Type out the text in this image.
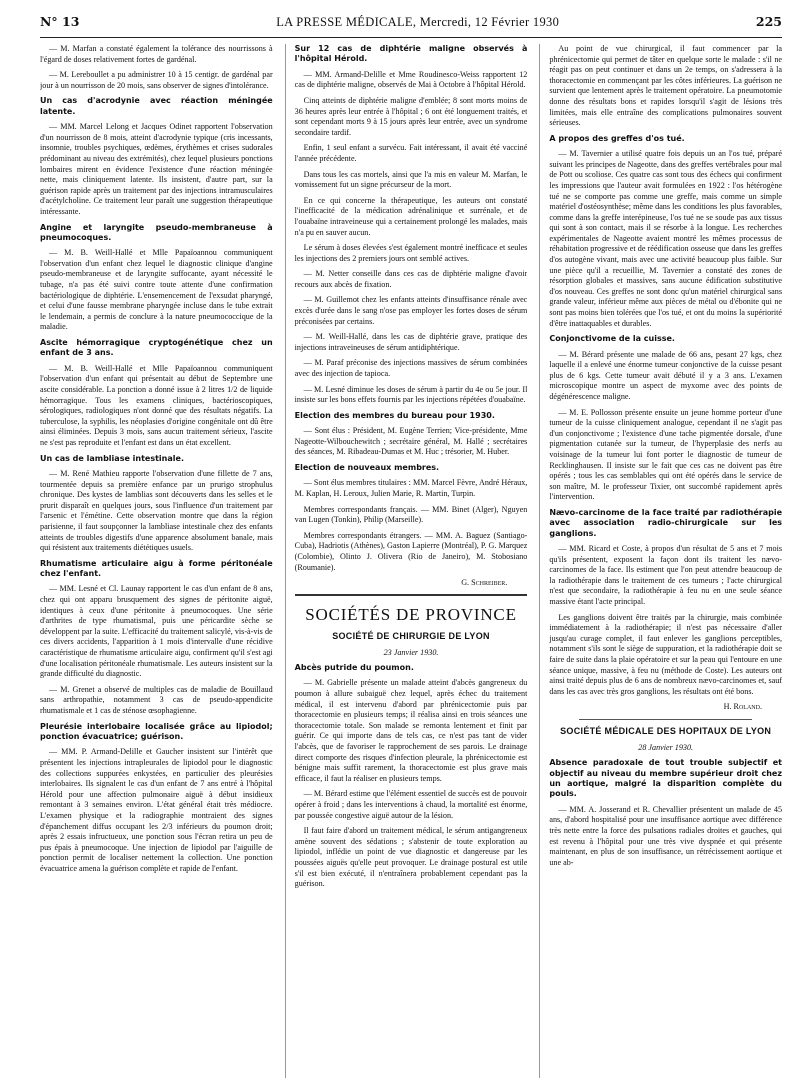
N° 13	LA PRESSE MÉDICALE, Mercredi, 12 Février 1930	225

— M. Marfan a constaté également la tolérance des nourrissons à l'égard de doses relativement fortes de gardénal.

— M. Lereboullet a pu administrer 10 à 15 centigr. de gardénal par jour à un nourrisson de 20 mois, sans observer de signes d'intolérance.

Un cas d'acrodynie avec réaction méningée latente.

— MM. Marcel Lelong et Jacques Odinet rapportent l'observation d'un nourrisson de 8 mois, atteint d'acrodynie typique (cris incessants, insomnie, troubles psychiques, œdèmes, érythèmes et crises sudorales prédominant au niveau des extrémités), chez lequel plusieurs ponctions lombaires mirent en évidence l'existence d'une réaction méningée nette, mais cliniquement latente. Ils insistent, d'autre part, sur la guérison rapide après un traitement par des injections intramusculaires d'acétylcholine. Ce traitement leur paraît une suggestion thérapeutique intéressante.

Angine et laryngite pseudo-membraneuse à pneumocoques.

— M. B. Weill-Hallé et Mlle Papaïoannou communiquent l'observation d'un enfant chez lequel le diagnostic clinique d'angine pseudo-membraneuse et de laryngite suffocante, ayant nécessité le tubage, n'a pas été suivi contre toute attente d'une confirmation bactériologique de diphtérie. L'ensemencement de l'exsudat pharyngé, et celui d'une fausse membrane pharyngée incluse dans le tube extrait le lendemain, a permis de conclure à la nature pneumococcique de la maladie.

Ascite hémorragique cryptogénétique chez un enfant de 3 ans.

— M. B. Weill-Hallé et Mlle Papaïoannou communiquent l'observation d'un enfant qui présentait au début de Septembre une ascite considérable. La ponction a donné issue à 2 litres 1/2 de liquide hémorragique. Tous les examens cliniques, bactérioscopiques, sérologiques, radiologiques n'ont donné que des résultats négatifs. La tuberculose, la syphilis, les néoplasies d'origine congénitale ont dû être ainsi éliminées. Depuis 3 mois, sans aucun traitement sérieux, l'ascite ne s'est pas reproduite et l'enfant est dans un état excellent.

Un cas de lambliase intestinale.

— M. René Mathieu rapporte l'observation d'une fillette de 7 ans, tourmentée depuis sa première enfance par un prurigo strophulus chronique. Des kystes de lamblias sont découverts dans les selles et le prurit disparaît en quelques jours, sous l'influence d'un traitement par l'arsenic et l'émétine. Cette observation montre que dans la région parisienne, il faut soupçonner la lambliase intestinale chez des enfants atteints de troubles digestifs d'une apparence absolument banale, mais qui résistent aux traitements diététiques usuels.

Rhumatisme articulaire aigu à forme péritonéale chez l'enfant.

— MM. Lesné et Cl. Launay rapportent le cas d'un enfant de 8 ans, chez qui ont apparu brusquement des signes de péritonite aiguë, identiques à ceux d'une péritonite à pneumocoques. Une série d'arthrites de type rhumatismal, puis une péricardite sèche se développent par la suite. L'efficacité du traitement salicylé, vis-à-vis de ces divers accidents, l'apparition à 1 mois d'intervalle d'une récidive caractéristique de rhumatisme articulaire aigu, confirment qu'il s'est agi d'une localisation péritonéale rhumatismale. Les auteurs insistent sur la grande difficulté du diagnostic.

— M. Grenet a observé de multiples cas de maladie de Bouillaud sans arthropathie, notamment 3 cas de pseudo-appendicite rhumatismale et 1 cas de sténose œsophagienne.

Pleurésie interlobaire localisée grâce au lipiodol; ponction évacuatrice; guérison.

— MM. P. Armand-Delille et Gaucher insistent sur l'intérêt que présentent les injections intrapleurales de lipiodol pour le diagnostic des collections suppurées enkystées, en particulier des pleurésies interlobaires. Ils signalent le cas d'un enfant de 7 ans entré à l'hôpital Hérold pour une affection pulmonaire aiguë à début insidieux remontant à 3 semaines environ. L'état général était très médiocre. L'examen physique et la radiographie montraient des signes d'épanchement diffus occupant les 2/3 inférieurs du poumon droit; après 2 essais infructueux, une ponction sous l'écran retira un peu de pus épais à pneumocoque. Une injection de lipiodol par l'aiguille de ponction permit de localiser nettement la collection. Une ponction évacuatrice amena la guérison complète et rapide de l'enfant.

Sur 12 cas de diphtérie maligne observés à l'hôpital Hérold.

— MM. Armand-Delille et Mme Roudinesco-Weiss rapportent 12 cas de diphtérie maligne, observés de Mai à Octobre à l'hôpital Hérold.

Cinq atteints de diphtérie maligne d'emblée; 8 sont morts moins de 36 heures après leur entrée à l'hôpital ; 6 ont été longuement traités, et sont cependant morts 9 à 15 jours après leur entrée, avec un syndrome secondaire tardif.

Enfin, 1 seul enfant a survécu. Fait intéressant, il avait été vacciné l'année précédente.

Dans tous les cas mortels, ainsi que l'a mis en valeur M. Marfan, le vomissement fut un signe précurseur de la mort.

En ce qui concerne la thérapeutique, les auteurs ont constaté l'inefficacité de la médication adrénalinique et surrénale, et de l'ouabaïne intraveineuse qui a certainement prolongé les malades, mais n'a pu en sauver aucun.

Le sérum à doses élevées s'est également montré inefficace et seules les injections des 2 premiers jours ont semblé actives.

— M. Netter conseille dans ces cas de diphtérie maligne d'avoir recours aux abcès de fixation.

— M. Guillemot chez les enfants atteints d'insuffisance rénale avec excès d'urée dans le sang n'ose pas employer les fortes doses de sérum préconisées par certains.

— M. Weill-Hallé, dans les cas de diphtérie grave, pratique des injections intraveineuses de sérum antidiphtérique.

— M. Paraf préconise des injections massives de sérum combinées avec des injection de tapioca.

— M. Lesné diminue les doses de sérum à partir du 4e ou 5e jour. Il insiste sur les bons effets fournis par les injections répétées d'ouabaïne.

Election des membres du bureau pour 1930.

— Sont élus : Président, M. Eugène Terrien; Vice-présidente, Mme Nageotte-Wilbouchewitch ; secrétaire général, M. Hallé ; secrétaires des séances, M. Ribadeau-Dumas et M. Huc ; trésorier, M. Huber.

Election de nouveaux membres.

— Sont élus membres titulaires : MM. Marcel Fèvre, André Héraux, M. Kaplan, H. Leroux, Julien Marie, R. Martin, Turpin.

Membres correspondants français. — MM. Binet (Alger), Nguyen van Lugen (Tonkin), Philip (Marseille).

Membres correspondants étrangers. — MM. A. Baguez (Santiago-Cuba), Hadriotis (Athènes), Gaston Lapierre (Montréal), P. G. Marquez (Colombie), Olinto J. Olivera (Rio de Janeiro), M. Stobosiano (Roumanie).

G. Schreiber.

SOCIÉTÉS DE PROVINCE

SOCIÉTÉ DE CHIRURGIE DE LYON

23 Janvier 1930.

Abcès putride du poumon.

— M. Gabrielle présente un malade atteint d'abcès gangreneux du poumon à allure subaiguë chez lequel, après échec du traitement médical, il est intervenu d'abord par phrénicectomie puis par thoracectomie en plusieurs temps; il réalisa ainsi en trois séances une thoracectomie totale. Son malade se remonta lentement et finit par guérir. Ce qui importe dans de tels cas, ce n'est pas tant de vider l'abcès, que de favoriser le rapprochement de ses parois. Le drainage direct comporte des risques d'infection pleurale, la phrénicectomie est bénigne mais suffit rarement, la thoracectomie est plus grave mais efficace, il faut la réaliser en plusieurs temps.

— M. Bérard estime que l'élément essentiel de succès est de pouvoir opérer à froid ; dans les interventions à chaud, la mortalité est énorme, par poussée congestive aiguë autour de la lésion.

Il faut faire d'abord un traitement médical, le sérum antigangreneux amène souvent des sédations ; s'abstenir de toute exploration au lipiodol, inflédie un point de vue diagnostic et dangereuse par les poussées aiguës qu'elle peut provoquer. Le drainage postural est utile s'il est bien exécuté, il n'entraînera probablement cependant pas la guérison.

Au point de vue chirurgical, il faut commencer par la phrénicectomie qui permet de tâter en quelque sorte le malade : s'il ne réagit pas on peut continuer et dans un 2e temps, on s'adressera à la thoracectomie en commençant par les côtes inférieures. La guérison ne survient que lentement après le traitement opératoire. La pneumotomie donne des résultats bons et rapides lorsqu'il s'agit de lésions très limitées, mais elle entraîne des complications pulmonaires souvent sérieuses.

A propos des greffes d'os tué.

— M. Tavernier a utilisé quatre fois depuis un an l'os tué, préparé suivant les principes de Nageotte, dans des greffes vertébrales pour mal de Pott ou scoliose. Ces quatre cas sont tous des échecs qui confirment les impressions que l'auteur avait formulées en 1922 : l'os hétérogène tué ne se comporte pas comme une greffe, mais comme un simple matériel d'ostéosynthèse; même dans les conditions les plus favorables, comme dans la greffe interépineuse, l'os tué ne se soude pas aux tissus qui sont à son contact, mais il se résorbe à la longue. Les recherches expérimentales de Nageotte avaient montré les mêmes processus de réhabitation progressive et de réédification osseuse que dans les greffes d'os autogène vivant, mais avec une activité beaucoup plus faible. Sur une pièce qu'il a recueillie, M. Tavernier a constaté des zones de résorption globales et massives, sans aucune édification substitutive d'os nouveau. Ces greffes ne sont donc qu'un matériel chirurgical sans grande valeur, inférieur même aux pièces de métal ou d'ébonite qui ne sont pas moins bien tolérées que l'os tué, et ont du moins la supériorité d'être inattaquables et durables.

Conjonctivome de la cuisse.

— M. Bérard présente une malade de 66 ans, pesant 27 kgs, chez laquelle il a enlevé une énorme tumeur conjonctive de la cuisse pesant plus de 6 kgs. Cette tumeur avait débuté il y a 3 ans. L'examen microscopique montre un aspect de myxome avec des points de dégénérescence maligne.

— M. E. Pollosson présente ensuite un jeune homme porteur d'une tumeur de la cuisse cliniquement analogue, cependant il ne s'agit pas d'un conjonctivome ; l'existence d'une tache pigmentée dorsale, d'une pigmentation cutanée sur la tumeur, de l'hyperplasie des nerfs au voisinage de la tumeur lui font porter le diagnostic de tumeur de Recklinghausen. Il insiste sur le fait que ces cas ne doivent pas être opérés ; tous les cas semblables qui ont été opérés dans le service de son maître, M. le professeur Tixier, ont succombé rapidement après l'intervention.

Nævo-carcinome de la face traité par radiothérapie avec association radio-chirurgicale sur les ganglions.

— MM. Ricard et Coste, à propos d'un résultat de 5 ans et 7 mois qu'ils présentent, exposent la façon dont ils traitent les nævo-carcinomes de la face. Ils estiment que l'on peut attendre beaucoup de la radiothérapie dans le traitement de ces tumeurs ; l'acte chirurgical n'est que secondaire, la radiothérapie à feu nu en une seule séance massive étant l'acte principal.

Les ganglions doivent être traités par la chirurgie, mais combinée immédiatement à la radiothérapie; il n'est pas nécessaire d'aller jusqu'au curage complet, il faut enlever les ganglions perceptibles, notamment s'ils sont le siège de suppuration, et la radiothérapie doit se faire de suite dans la plaie opératoire et sur la peau qui l'entoure en une séance unique, massive, à feu nu (méthode de Coste). Les auteurs ont ainsi traité depuis plus de 6 ans de nombreux nævo-carcinomes et, sauf dans les cas avec très gros ganglions, les résultats ont été bons.

H. Roland.

SOCIÉTÉ MÉDICALE DES HOPITAUX DE LYON

28 Janvier 1930.

Absence paradoxale de tout trouble subjectif et objectif au niveau du membre supérieur droit chez un aortique, malgré la disparition complète du pouls.

— MM. A. Josserand et R. Chevallier présentent un malade de 45 ans, d'abord hospitalisé pour une insuffisance aortique avec différence très nette entre la force des pulsations radiales droites et gauches, qui est revenu à l'hôpital pour une très vive dyspnée et qui présente maintenant, en plus de son insuffisance, un rétrécissement aortique et une ab-
